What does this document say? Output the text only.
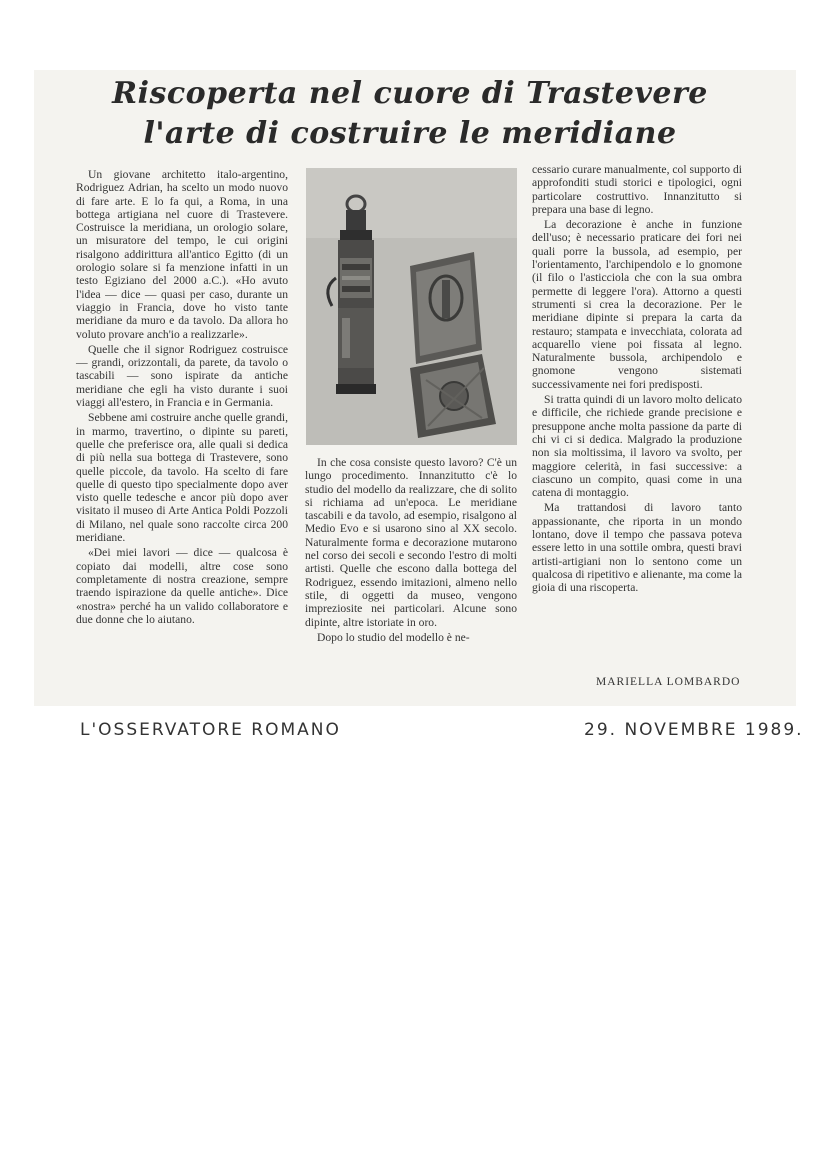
Riscoperta nel cuore di Trastevere
l'arte di costruire le meridiane

Un giovane architetto italo-argentino, Rodriguez Adrian, ha scelto un modo nuovo di fare arte. E lo fa qui, a Roma, in una bottega artigiana nel cuore di Trastevere. Costruisce la meridiana, un orologio solare, un misuratore del tempo, le cui origini risalgono addirittura all'antico Egitto (di un orologio solare si fa menzione infatti in un testo Egiziano del 2000 a.C.). «Ho avuto l'idea — dice — quasi per caso, durante un viaggio in Francia, dove ho visto tante meridiane da muro e da tavolo. Da allora ho voluto provare anch'io a realizzarle».

Quelle che il signor Rodriguez costruisce — grandi, orizzontali, da parete, da tavolo o tascabili — sono ispirate da antiche meridiane che egli ha visto durante i suoi viaggi all'estero, in Francia e in Germania.

Sebbene ami costruire anche quelle grandi, in marmo, travertino, o dipinte su pareti, quelle che preferisce ora, alle quali si dedica di più nella sua bottega di Trastevere, sono quelle piccole, da tavolo. Ha scelto di fare quelle di questo tipo specialmente dopo aver visto quelle tedesche e ancor più dopo aver visitato il museo di Arte Antica Poldi Pozzoli di Milano, nel quale sono raccolte circa 200 meridiane.

«Dei miei lavori — dice — qualcosa è copiato dai modelli, altre cose sono completamente di nostra creazione, sempre traendo ispirazione da quelle antiche». Dice «nostra» perché ha un valido collaboratore e due donne che lo aiutano.

In che cosa consiste questo lavoro? C'è un lungo procedimento. Innanzitutto c'è lo studio del modello da realizzare, che di solito si richiama ad un'epoca. Le meridiane tascabili e da tavolo, ad esempio, risalgono al Medio Evo e si usarono sino al XX secolo. Naturalmente forma e decorazione mutarono nel corso dei secoli e secondo l'estro di molti artisti. Quelle che escono dalla bottega del Rodriguez, essendo imitazioni, almeno nello stile, di oggetti da museo, vengono impreziosite nei particolari. Alcune sono dipinte, altre istoriate in oro.

Dopo lo studio del modello è ne-

cessario curare manualmente, col supporto di approfonditi studi storici e tipologici, ogni particolare costruttivo. Innanzitutto si prepara una base di legno.

La decorazione è anche in funzione dell'uso; è necessario praticare dei fori nei quali porre la bussola, ad esempio, per l'orientamento, l'archipendolo e lo gnomone (il filo o l'asticciola che con la sua ombra permette di leggere l'ora). Attorno a questi strumenti si crea la decorazione. Per le meridiane dipinte si prepara la carta da restauro; stampata e invecchiata, colorata ad acquarello viene poi fissata al legno. Naturalmente bussola, archipendolo e gnomone vengono sistemati successivamente nei fori predisposti.

Si tratta quindi di un lavoro molto delicato e difficile, che richiede grande precisione e presuppone anche molta passione da parte di chi vi ci si dedica. Malgrado la produzione non sia moltissima, il lavoro va svolto, per maggiore celerità, in fasi successive: a ciascuno un compito, quasi come in una catena di montaggio.

Ma trattandosi di lavoro tanto appassionante, che riporta in un mondo lontano, dove il tempo che passava poteva essere letto in una sottile ombra, questi bravi artisti-artigiani non lo sentono come un qualcosa di ripetitivo e alienante, ma come la gioia di una riscoperta.

MARIELLA LOMBARDO
L'OSSERVATORE ROMANO	29. NOVEMBRE 1989.
